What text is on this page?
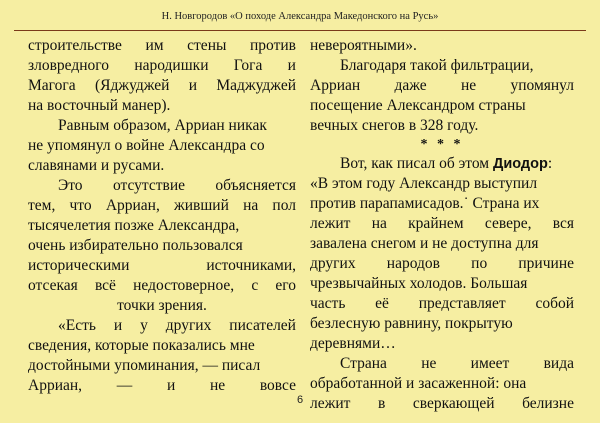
Н. Новгородов «О походе Александра Македонского на Русь»
строительстве им стены против
зловредного народишки Гога и
Магога (Яджуджей и Маджуджей
на восточный манер).
Равным образом, Арриан никак
не упомянул о войне Александра со
славянами и русами.
Это отсутствие объясняется
тем, что Арриан, живший на пол
тысячелетия позже Александра,
очень избирательно пользовался
историческими	источниками,
отсекая всё недостоверное, с его
точки зрения.
«Есть и у других писателей
сведения, которые показались мне
достойными упоминания, — писал
Арриан, — и не вовсе
невероятными».
Благодаря такой фильтрации,
Арриан даже не упомянул
посещение Александром страны
вечных снегов в 328 году.
* * *
Вот, как писал об этом Диодор:
«В этом году Александр выступил
против парапамисадов.˙ Страна их
лежит на крайнем севере, вся
завалена снегом и не доступна для
других народов по причине
чрезвычайных холодов. Большая
часть её представляет собой
безлесную равнину, покрытую
деревнями…
Страна не имеет вида
обработанной и засаженной: она
лежит в сверкающей белизне
6
